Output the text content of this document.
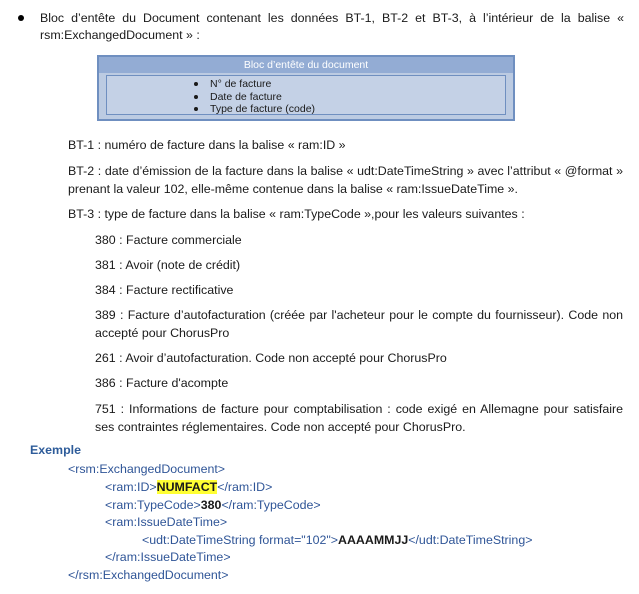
Bloc d’entête du Document contenant les données BT-1, BT-2 et BT-3, à l’intérieur de la balise « rsm:ExchangedDocument » :
Bloc d’entête du document
N° de facture
Date de facture
Type de facture (code)
BT-1 : numéro de facture dans la balise « ram:ID »
BT-2 : date d’émission de la facture dans la balise « udt:DateTimeString » avec l’attribut « @format » prenant la valeur 102, elle-même contenue dans la balise « ram:IssueDateTime ».
BT-3 : type de facture dans la balise « ram:TypeCode »,pour les valeurs suivantes :
380 : Facture commerciale
381 : Avoir (note de crédit)
384 : Facture rectificative
389 : Facture d’autofacturation (créée par l'acheteur pour le compte du fournisseur). Code non accepté pour ChorusPro
261 : Avoir d’autofacturation. Code non accepté pour ChorusPro
386 : Facture d'acompte
751 : Informations de facture pour comptabilisation : code exigé en Allemagne pour satisfaire ses contraintes réglementaires. Code non accepté pour ChorusPro.
Exemple
<rsm:ExchangedDocument>
<ram:ID>NUMFACT</ram:ID>
<ram:TypeCode>380</ram:TypeCode>
<ram:IssueDateTime>
<udt:DateTimeString format="102">AAAAMMJJ</udt:DateTimeString>
</ram:IssueDateTime>
</rsm:ExchangedDocument>
